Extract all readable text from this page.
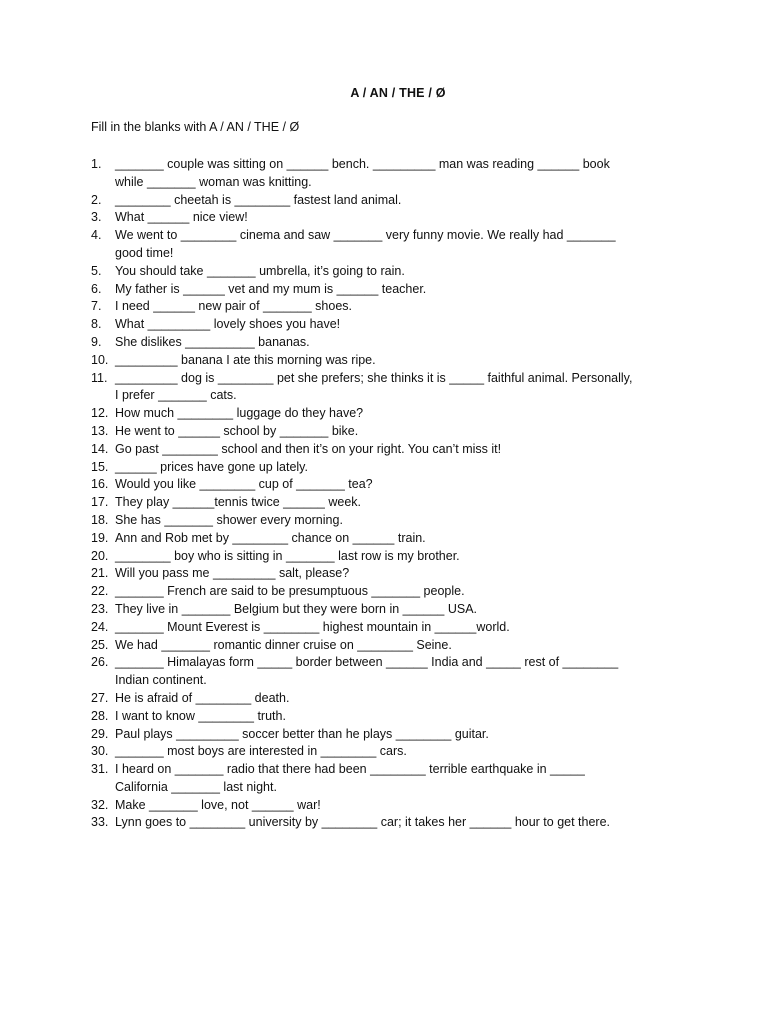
A / AN / THE / Ø
Fill in the blanks with A / AN / THE / Ø
1. _______ couple was sitting on ______ bench. _________ man was reading ______ book
while _______ woman was knitting.
2. ________ cheetah is ________ fastest land animal.
3. What ______ nice view!
4. We went to ________ cinema and saw _______ very funny movie. We really had _______
good time!
5. You should take _______ umbrella, it’s going to rain.
6. My father is ______ vet and my mum is ______ teacher.
7. I need ______ new pair of _______ shoes.
8. What _________ lovely shoes you have!
9. She dislikes __________ bananas.
10. _________ banana I ate this morning was ripe.
11. _________ dog is ________ pet she prefers; she thinks it is _____ faithful animal. Personally,
I prefer _______ cats.
12. How much ________ luggage do they have?
13. He went to ______ school by _______ bike.
14. Go past ________ school and then it’s on your right. You can’t miss it!
15. ______ prices have gone up lately.
16. Would you like ________ cup of _______ tea?
17. They play ______tennis twice ______ week.
18. She has _______ shower every morning.
19. Ann and Rob met by ________ chance on ______ train.
20. ________ boy who is sitting in _______ last row is my brother.
21. Will you pass me _________ salt, please?
22. _______ French are said to be presumptuous _______ people.
23. They live in _______ Belgium but they were born in ______ USA.
24. _______ Mount Everest is ________ highest mountain in ______world.
25. We had _______ romantic dinner cruise on ________ Seine.
26. _______ Himalayas form _____ border between ______ India and _____ rest of ________
Indian continent.
27. He is afraid of ________ death.
28. I want to know ________ truth.
29. Paul plays _________ soccer better than he plays ________ guitar.
30. _______ most boys are interested in ________ cars.
31. I heard on _______ radio that there had been ________ terrible earthquake in _____
California _______ last night.
32. Make _______ love, not ______ war!
33. Lynn goes to ________ university by ________ car; it takes her ______ hour to get there.
